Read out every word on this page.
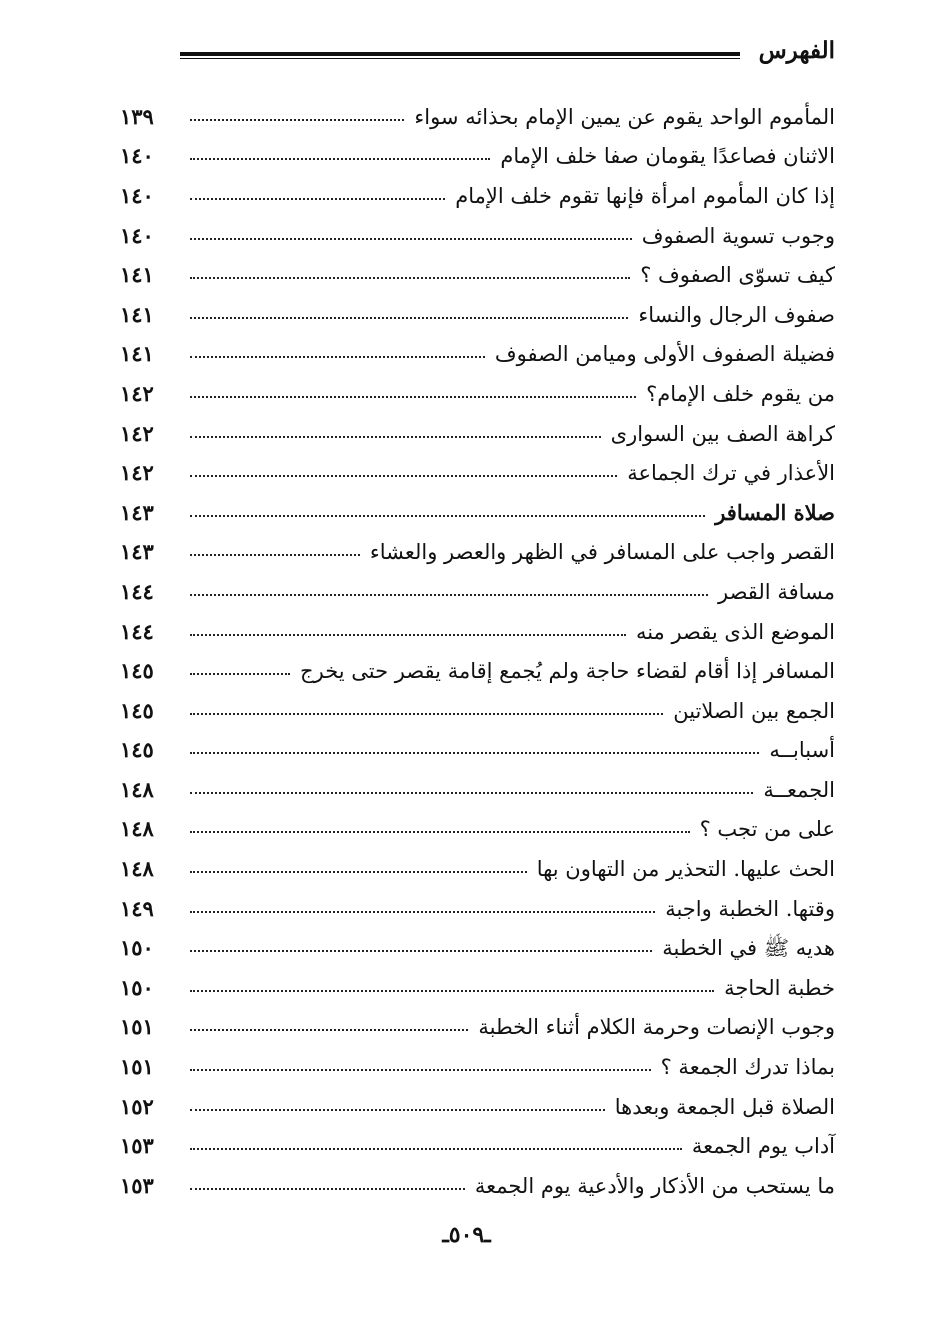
الفهرس
المأموم الواحد يقوم عن يمين الإمام بحذائه سواء
١٣٩
الاثنان فصاعدًا يقومان صفا خلف الإمام
١٤٠
إذا كان المأموم امرأة فإنها تقوم خلف الإمام
١٤٠
وجوب تسوية الصفوف
١٤٠
كيف تسوّى الصفوف ؟
١٤١
صفوف الرجال والنساء
١٤١
فضيلة الصفوف الأولى وميامن الصفوف
١٤١
من يقوم خلف الإمام؟
١٤٢
كراهة الصف بين السوارى
١٤٢
الأعذار في ترك الجماعة
١٤٢
صلاة المسافر
١٤٣
القصر واجب على المسافر في الظهر والعصر والعشاء
١٤٣
مسافة القصر
١٤٤
الموضع الذى يقصر منه
١٤٤
المسافر إذا أقام لقضاء حاجة ولم يُجمع إقامة يقصر حتى يخرج
١٤٥
الجمع بين الصلاتين
١٤٥
أسبابــه
١٤٥
الجمعــة
١٤٨
على من تجب ؟
١٤٨
الحث عليها. التحذير من التهاون بها
١٤٨
وقتها. الخطبة واجبة
١٤٩
هديه ﷺ في الخطبة
١٥٠
خطبة الحاجة
١٥٠
وجوب الإنصات وحرمة الكلام أثناء الخطبة
١٥١
بماذا تدرك الجمعة ؟
١٥١
الصلاة قبل الجمعة وبعدها
١٥٢
آداب يوم الجمعة
١٥٣
ما يستحب من الأذكار والأدعية يوم الجمعة
١٥٣
ـ٥٠٩ـ
